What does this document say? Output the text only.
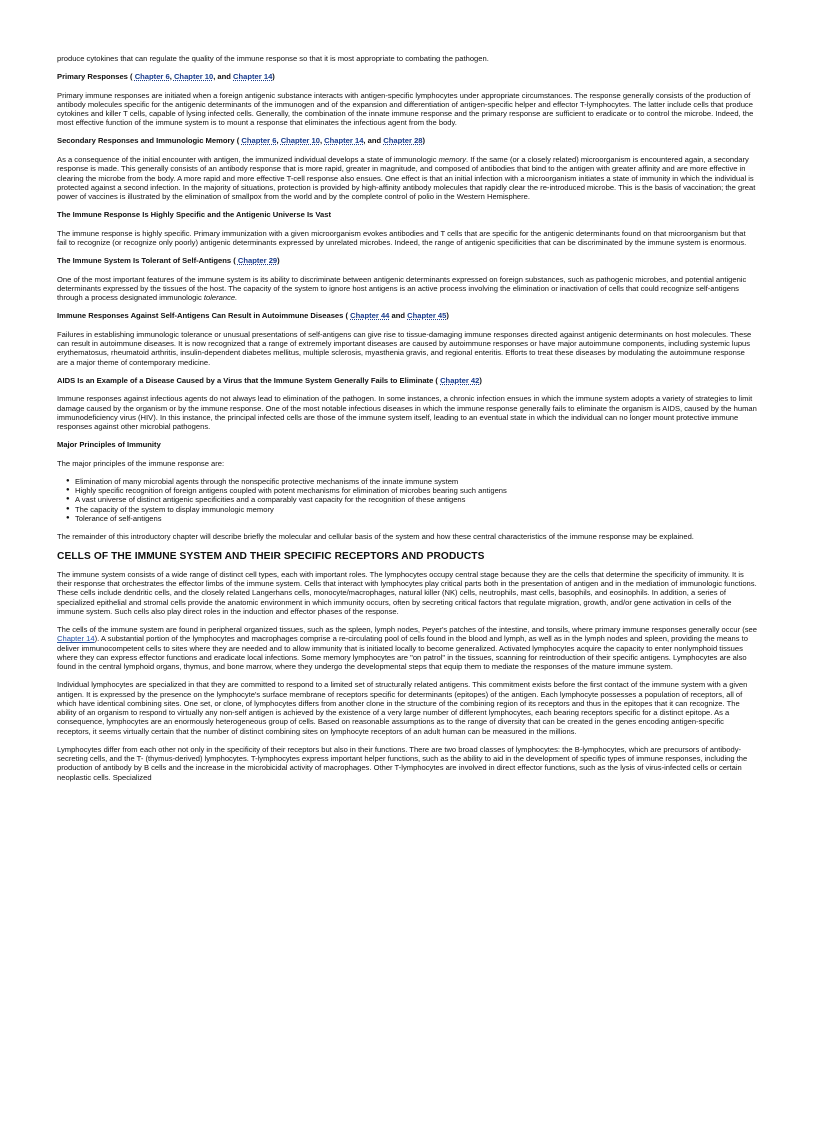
produce cytokines that can regulate the quality of the immune response so that it is most appropriate to combating the pathogen.

Primary Responses ( Chapter 6, Chapter 10, and Chapter 14)

Primary immune responses are initiated when a foreign antigenic substance interacts with antigen-specific lymphocytes under appropriate circumstances. The response generally consists of the production of antibody molecules specific for the antigenic determinants of the immunogen and of the expansion and differentiation of antigen-specific helper and effector T-lymphocytes. The latter include cells that produce cytokines and killer T cells, capable of lysing infected cells. Generally, the combination of the innate immune response and the primary response are sufficient to eradicate or to control the microbe. Indeed, the most effective function of the immune system is to mount a response that eliminates the infectious agent from the body.

Secondary Responses and Immunologic Memory ( Chapter 6, Chapter 10, Chapter 14, and Chapter 28)

As a consequence of the initial encounter with antigen, the immunized individual develops a state of immunologic memory. If the same (or a closely related) microorganism is encountered again, a secondary response is made. This generally consists of an antibody response that is more rapid, greater in magnitude, and composed of antibodies that bind to the antigen with greater affinity and are more effective in clearing the microbe from the body. A more rapid and more effective T-cell response also ensues. One effect is that an initial infection with a microorganism initiates a state of immunity in which the individual is protected against a second infection. In the majority of situations, protection is provided by high-affinity antibody molecules that rapidly clear the re-introduced microbe. This is the basis of vaccination; the great power of vaccines is illustrated by the elimination of smallpox from the world and by the complete control of polio in the Western Hemisphere.

The Immune Response Is Highly Specific and the Antigenic Universe Is Vast

The immune response is highly specific. Primary immunization with a given microorganism evokes antibodies and T cells that are specific for the antigenic determinants found on that microorganism but that fail to recognize (or recognize only poorly) antigenic determinants expressed by unrelated microbes. Indeed, the range of antigenic specificities that can be discriminated by the immune system is enormous.

The Immune System Is Tolerant of Self-Antigens ( Chapter 29)

One of the most important features of the immune system is its ability to discriminate between antigenic determinants expressed on foreign substances, such as pathogenic microbes, and potential antigenic determinants expressed by the tissues of the host. The capacity of the system to ignore host antigens is an active process involving the elimination or inactivation of cells that could recognize self-antigens through a process designated immunologic tolerance.

Immune Responses Against Self-Antigens Can Result in Autoimmune Diseases ( Chapter 44 and Chapter 45)

Failures in establishing immunologic tolerance or unusual presentations of self-antigens can give rise to tissue-damaging immune responses directed against antigenic determinants on host molecules. These can result in autoimmune diseases. It is now recognized that a range of extremely important diseases are caused by autoimmune responses or have major autoimmune components, including systemic lupus erythematosus, rheumatoid arthritis, insulin-dependent diabetes mellitus, multiple sclerosis, myasthenia gravis, and regional enteritis. Efforts to treat these diseases by modulating the autoimmune response are a major theme of contemporary medicine.

AIDS Is an Example of a Disease Caused by a Virus that the Immune System Generally Fails to Eliminate ( Chapter 42)

Immune responses against infectious agents do not always lead to elimination of the pathogen. In some instances, a chronic infection ensues in which the immune system adopts a variety of strategies to limit damage caused by the organism or by the immune response. One of the most notable infectious diseases in which the immune response generally fails to eliminate the organism is AIDS, caused by the human immunodeficiency virus (HIV). In this instance, the principal infected cells are those of the immune system itself, leading to an eventual state in which the individual can no longer mount protective immune responses against other microbial pathogens.

Major Principles of Immunity

The major principles of the immune response are:

● Elimination of many microbial agents through the nonspecific protective mechanisms of the innate immune system
● Highly specific recognition of foreign antigens coupled with potent mechanisms for elimination of microbes bearing such antigens
● A vast universe of distinct antigenic specificities and a comparably vast capacity for the recognition of these antigens
● The capacity of the system to display immunologic memory
● Tolerance of self-antigens

The remainder of this introductory chapter will describe briefly the molecular and cellular basis of the system and how these central characteristics of the immune response may be explained.

CELLS OF THE IMMUNE SYSTEM AND THEIR SPECIFIC RECEPTORS AND PRODUCTS

The immune system consists of a wide range of distinct cell types, each with important roles. The lymphocytes occupy central stage because they are the cells that determine the specificity of immunity. It is their response that orchestrates the effector limbs of the immune system. Cells that interact with lymphocytes play critical parts both in the presentation of antigen and in the mediation of immunologic functions. These cells include dendritic cells, and the closely related Langerhans cells, monocyte/macrophages, natural killer (NK) cells, neutrophils, mast cells, basophils, and eosinophils. In addition, a series of specialized epithelial and stromal cells provide the anatomic environment in which immunity occurs, often by secreting critical factors that regulate migration, growth, and/or gene activation in cells of the immune system. Such cells also play direct roles in the induction and effector phases of the response.

The cells of the immune system are found in peripheral organized tissues, such as the spleen, lymph nodes, Peyer's patches of the intestine, and tonsils, where primary immune responses generally occur (see Chapter 14). A substantial portion of the lymphocytes and macrophages comprise a re-circulating pool of cells found in the blood and lymph, as well as in the lymph nodes and spleen, providing the means to deliver immunocompetent cells to sites where they are needed and to allow immunity that is initiated locally to become generalized. Activated lymphocytes acquire the capacity to enter nonlymphoid tissues where they can express effector functions and eradicate local infections. Some memory lymphocytes are "on patrol" in the tissues, scanning for reintroduction of their specific antigens. Lymphocytes are also found in the central lymphoid organs, thymus, and bone marrow, where they undergo the developmental steps that equip them to mediate the responses of the mature immune system.

Individual lymphocytes are specialized in that they are committed to respond to a limited set of structurally related antigens. This commitment exists before the first contact of the immune system with a given antigen. It is expressed by the presence on the lymphocyte's surface membrane of receptors specific for determinants (epitopes) of the antigen. Each lymphocyte possesses a population of receptors, all of which have identical combining sites. One set, or clone, of lymphocytes differs from another clone in the structure of the combining region of its receptors and thus in the epitopes that it can recognize. The ability of an organism to respond to virtually any non-self antigen is achieved by the existence of a very large number of different lymphocytes, each bearing receptors specific for a distinct epitope. As a consequence, lymphocytes are an enormously heterogeneous group of cells. Based on reasonable assumptions as to the range of diversity that can be created in the genes encoding antigen-specific receptors, it seems virtually certain that the number of distinct combining sites on lymphocyte receptors of an adult human can be measured in the millions.

Lymphocytes differ from each other not only in the specificity of their receptors but also in their functions. There are two broad classes of lymphocytes: the B-lymphocytes, which are precursors of antibody-secreting cells, and the T- (thymus-derived) lymphocytes. T-lymphocytes express important helper functions, such as the ability to aid in the development of specific types of immune responses, including the production of antibody by B cells and the increase in the microbicidal activity of macrophages. Other T-lymphocytes are involved in direct effector functions, such as the lysis of virus-infected cells or certain neoplastic cells. Specialized
